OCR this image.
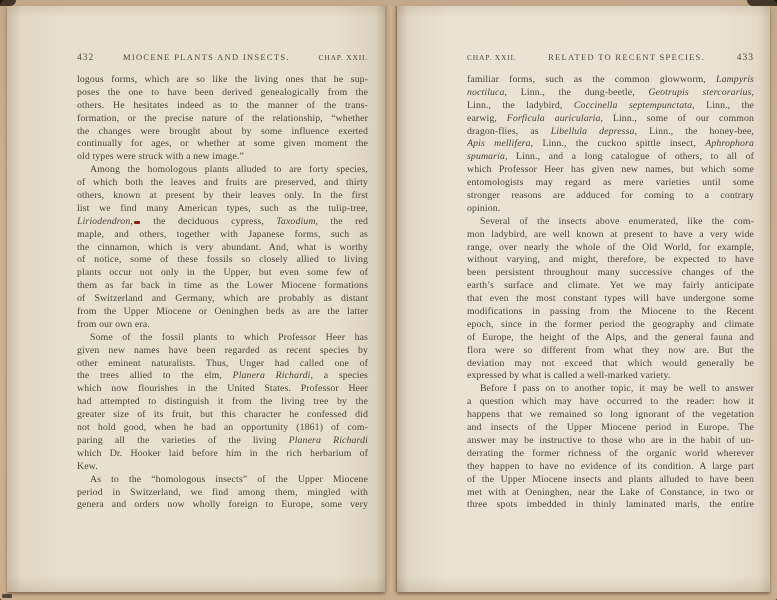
432	MIOCENE PLANTS AND INSECTS.	CHAP. XXII.
logous forms, which are so like the living ones that he sup-
poses the one to have been derived genealogically from the
others. He hesitates indeed as to the manner of the trans-
formation, or the precise nature of the relationship, “whether
the changes were brought about by some influence exerted
continually for ages, or whether at some given moment the
old types were struck with a new image.”
Among the homologous plants alluded to are forty species,
of which both the leaves and fruits are preserved, and thirty
others, known at present by their leaves only. In the first
list we find many American types, such as the tulip-tree,
Liriodendron, the deciduous cypress, Taxodium, the red
maple, and others, together with Japanese forms, such as
the cinnamon, which is very abundant. And, what is worthy
of notice, some of these fossils so closely allied to living
plants occur not only in the Upper, but even some few of
them as far back in time as the Lower Miocene formations
of Switzerland and Germany, which are probably as distant
from the Upper Miocene or Oeninghen beds as are the latter
from our own era.
Some of the fossil plants to which Professor Heer has
given new names have been regarded as recent species by
other eminent naturalists. Thus, Unger had called one of
the trees allied to the elm, Planera Richardi, a species
which now flourishes in the United States. Professor Heer
had attempted to distinguish it from the living tree by the
greater size of its fruit, but this character he confessed did
not hold good, when he had an opportunity (1861) of com-
paring all the varieties of the living Planera Richardi
which Dr. Hooker laid before him in the rich herbarium of
Kew.
As to the “homologous insects” of the Upper Miocene
period in Switzerland, we find among them, mingled with
genera and orders now wholly foreign to Europe, some very
CHAP. XXII.	RELATED TO RECENT SPECIES.	433
familiar forms, such as the common glowworm, Lampyris
noctiluca, Linn., the dung-beetle, Geotrupis stercorarius,
Linn., the ladybird, Coccinella septempunctata, Linn., the
earwig, Forficula auricularia, Linn., some of our common
dragon-flies, as Libellula depressa, Linn., the honey-bee,
Apis mellifera, Linn., the cuckoo spittle insect, Aphrophora
spumaria, Linn., and a long catalogue of others, to all of
which Professor Heer has given new names, but which some
entomologists may regard as mere varieties until some
stronger reasons are adduced for coming to a contrary
opinion.
Several of the insects above enumerated, like the com-
mon ladybird, are well known at present to have a very wide
range, over nearly the whole of the Old World, for example,
without varying, and might, therefore, be expected to have
been persistent throughout many successive changes of the
earth’s surface and climate. Yet we may fairly anticipate
that even the most constant types will have undergone some
modifications in passing from the Miocene to the Recent
epoch, since in the former period the geography and climate
of Europe, the height of the Alps, and the general fauna and
flora were so different from what they now are. But the
deviation may not exceed that which would generally be
expressed by what is called a well-marked variety.
Before I pass on to another topic, it may be well to answer
a question which may have occurred to the reader: how it
happens that we remained so long ignorant of the vegetation
and insects of the Upper Miocene period in Europe. The
answer may be instructive to those who are in the habit of un-
derrating the former richness of the organic world wherever
they happen to have no evidence of its condition. A large part
of the Upper Miocene insects and plants alluded to have been
met with at Oeninghen, near the Lake of Constance, in two or
three spots imbedded in thinly laminated marls, the entire
